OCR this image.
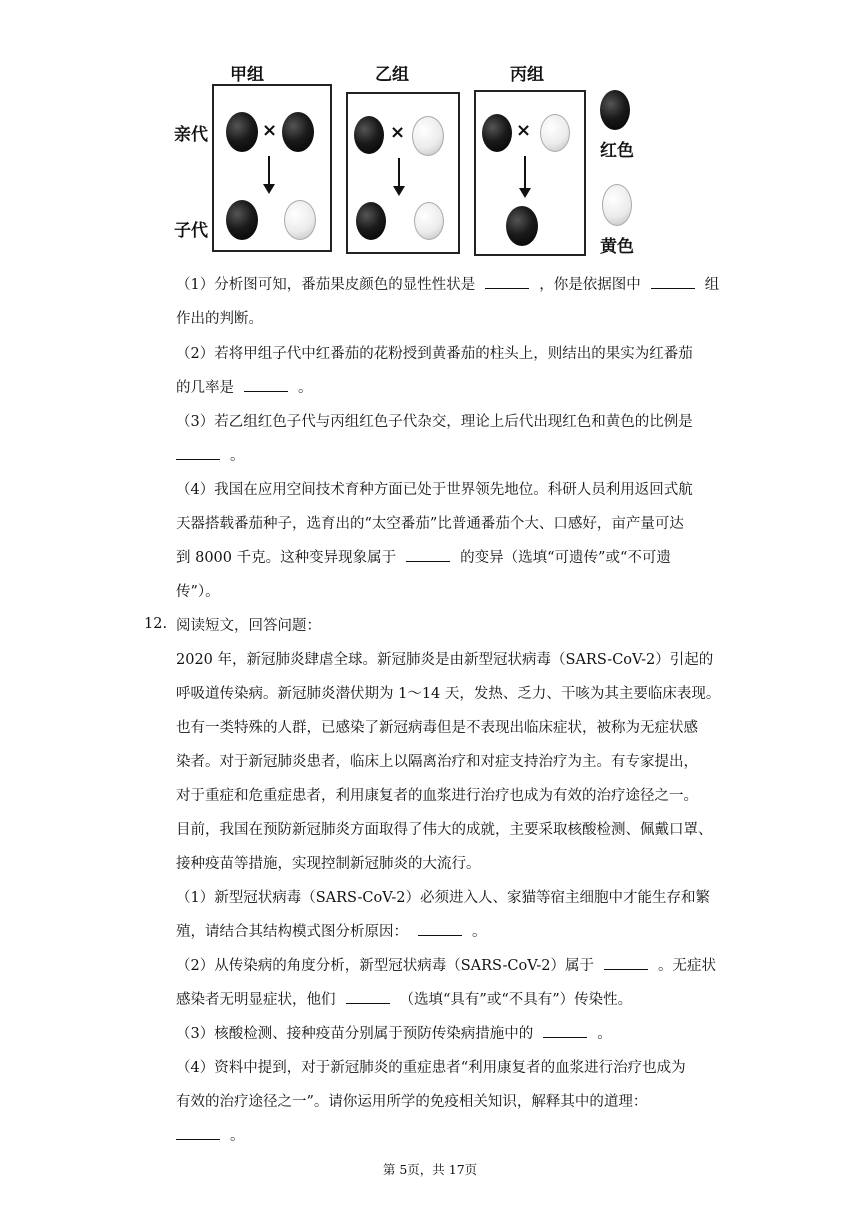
甲组	乙组	丙组
亲代
子代
×	×	×
红色
黄色
（1）分析图可知，番茄果皮颜色的显性性状是	，你是依据图中	组
作出的判断。
（2）若将甲组子代中红番茄的花粉授到黄番茄的柱头上，则结出的果实为红番茄
的几率是	。
（3）若乙组红色子代与丙组红色子代杂交，理论上后代出现红色和黄色的比例是
。
（4）我国在应用空间技术育种方面已处于世界领先地位。科研人员利用返回式航
天器搭载番茄种子，选育出的“太空番茄”比普通番茄个大、口感好，亩产量可达
到 8000 千克。这种变异现象属于	的变异（选填“可遗传”或“不可遗
传”）。
12. 阅读短文，回答问题：
2020 年，新冠肺炎肆虐全球。新冠肺炎是由新型冠状病毒（SARS-CoV-2）引起的
呼吸道传染病。新冠肺炎潜伏期为 1～14 天，发热、乏力、干咳为其主要临床表现。
也有一类特殊的人群，已感染了新冠病毒但是不表现出临床症状，被称为无症状感
染者。对于新冠肺炎患者，临床上以隔离治疗和对症支持治疗为主。有专家提出，
对于重症和危重症患者，利用康复者的血浆进行治疗也成为有效的治疗途径之一。
目前，我国在预防新冠肺炎方面取得了伟大的成就，主要采取核酸检测、佩戴口罩、
接种疫苗等措施，实现控制新冠肺炎的大流行。
（1）新型冠状病毒（SARS-CoV-2）必须进入人、家猫等宿主细胞中才能生存和繁
殖，请结合其结构模式图分析原因：	。
（2）从传染病的角度分析，新型冠状病毒（SARS-CoV-2）属于	。无症状
感染者无明显症状，他们	（选填“具有”或“不具有”）传染性。
（3）核酸检测、接种疫苗分别属于预防传染病措施中的	。
（4）资料中提到，对于新冠肺炎的重症患者“利用康复者的血浆进行治疗也成为
有效的治疗途径之一”。请你运用所学的免疫相关知识，解释其中的道理：
。
第 5页，共 17页
